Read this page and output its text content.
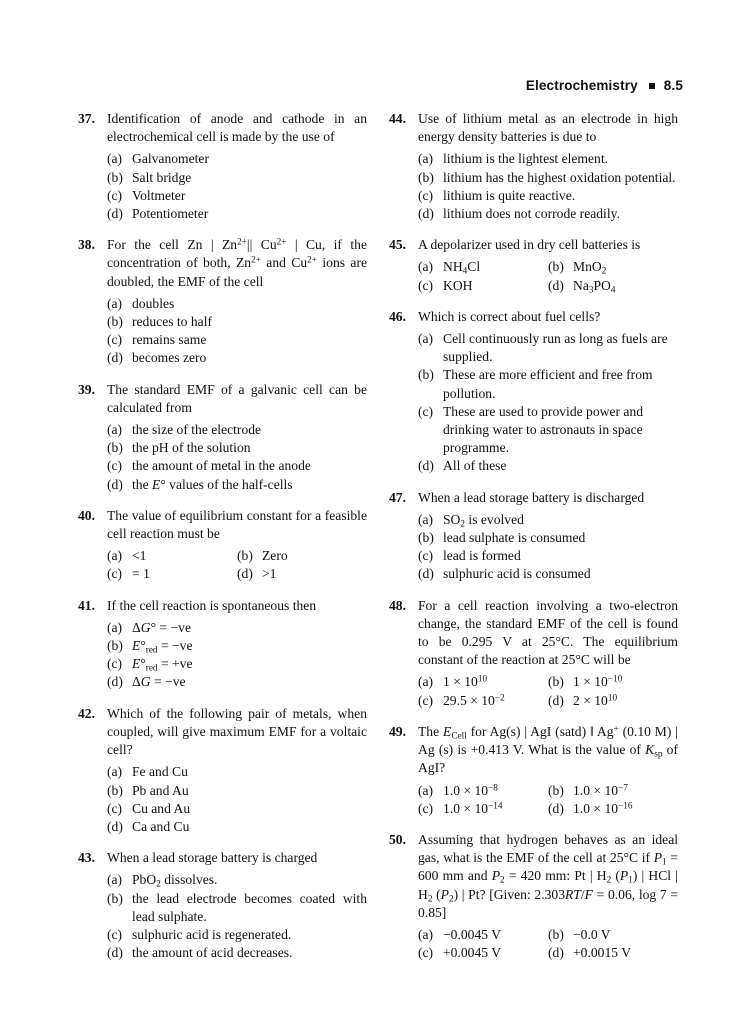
Electrochemistry 8.5
37. Identification of anode and cathode in an electrochemical cell is made by the use of

(a) Galvanometer
(b) Salt bridge
(c) Voltmeter
(d) Potentiometer
38. For the cell Zn | $Zn^{2+}||$ $Cu^{2+}$ | Cu, if the concentration of both, $Zn^{2+}$ and $Cu^{2+}$ ions are doubled, the EMF of the cell

(a) doubles
(b) reduces to half
(c) remains same
(d) becomes zero
39. The standard EMF of a galvanic cell can be calculated from

(a) the size of the electrode
(b) the pH of the solution
(c) the amount of metal in the anode
(d) the E° values of the half-cells
40. The value of equilibrium constant for a feasible cell reaction must be

(a) <1	(b) Zero
(c) = 1	(d) >1
41. If the cell reaction is spontaneous then

(a) ΔG° = −ve
(b) $E^\circ_{red} = -ve$
(c) $E^\circ_{red} = +ve$
(d) ΔG = −ve
42. Which of the following pair of metals, when coupled, will give maximum EMF for a voltaic cell?

(a) Fe and Cu
(b) Pb and Au
(c) Cu and Au
(d) Ca and Cu
43. When a lead storage battery is charged

(a) PbO$_2$ dissolves.
(b) the lead electrode becomes coated with lead sulphate.
(c) sulphuric acid is regenerated.
(d) the amount of acid decreases.
44. Use of lithium metal as an electrode in high energy density batteries is due to

(a) lithium is the lightest element.
(b) lithium has the highest oxidation potential.
(c) lithium is quite reactive.
(d) lithium does not corrode readily.
45. A depolarizer used in dry cell batteries is

(a) $NH_4Cl$	(b) MnO$_2$
(c) KOH	(d) $Na_3PO_4$
46. Which is correct about fuel cells?

(a) Cell continuously run as long as fuels are supplied.
(b) These are more efficient and free from pollution.
(c) These are used to provide power and drinking water to astronauts in space programme.
(d) All of these
47. When a lead storage battery is discharged

(a) $SO_2$ is evolved
(b) lead sulphate is consumed
(c) lead is formed
(d) sulphuric acid is consumed
48. For a cell reaction involving a two-electron change, the standard EMF of the cell is found to be 0.295 V at 25°C. The equilibrium constant of the reaction at 25°C will be

(a) $1 \times 10^{10}$	(b) $1 \times 10^{-10}$
(c) $29.5 \times 10^{-2}$	(d) $2 \times 10^{10}$
49. The $E_{Cell}$ for Ag(s) | AgI (satd) ‖ Ag+ (0.10 M) | Ag (s) is +0.413 V. What is the value of $K_{sp}$ of AgI?

(a) $1.0 \times 10^{-8}$	(b) $1.0 \times 10^{-7}$
(c) $1.0 \times 10^{-14}$	(d) $1.0 \times 10^{-16}$
50. Assuming that hydrogen behaves as an ideal gas, what is the EMF of the cell at 25°C if $P_1 = 600$ mm and $P_2 = 420$ mm: Pt | $H_2$ $(P_1)$ | HCl | $H_2$ $(P_2)$ | Pt? [Given: 2.303RT/F = 0.06, log 7 = 0.85]

(a) −0.0045 V	(b) −0.0 V
(c) +0.0045 V	(d) +0.0015 V
